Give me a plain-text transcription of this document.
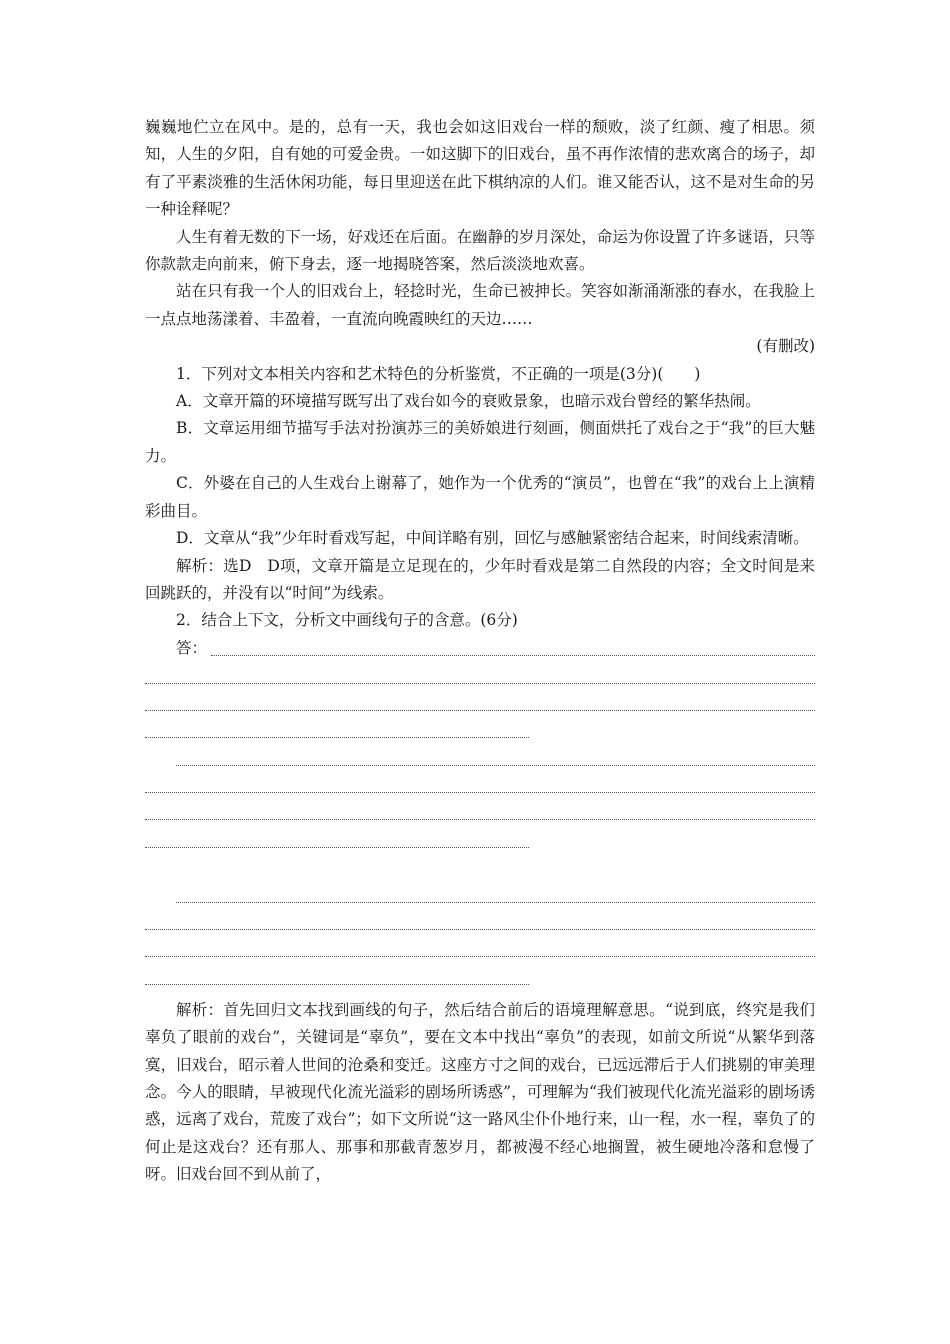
巍巍地伫立在风中。是的，总有一天，我也会如这旧戏台一样的颓败，淡了红颜、瘦了相思。须知，人生的夕阳，自有她的可爱金贵。一如这脚下的旧戏台，虽不再作浓情的悲欢离合的场子，却有了平素淡雅的生活休闲功能，每日里迎送在此下棋纳凉的人们。谁又能否认，这不是对生命的另一种诠释呢？

人生有着无数的下一场，好戏还在后面。在幽静的岁月深处，命运为你设置了许多谜语，只等你款款走向前来，俯下身去，逐一地揭晓答案，然后淡淡地欢喜。

站在只有我一个人的旧戏台上，轻捻时光，生命已被抻长。笑容如渐涌渐涨的春水，在我脸上一点点地荡漾着、丰盈着，一直流向晚霞映红的天边……

(有删改)

1．下列对文本相关内容和艺术特色的分析鉴赏，不正确的一项是(3分)(　　)

A．文章开篇的环境描写既写出了戏台如今的衰败景象，也暗示戏台曾经的繁华热闹。

B．文章运用细节描写手法对扮演苏三的美娇娘进行刻画，侧面烘托了戏台之于“我”的巨大魅力。

C．外婆在自己的人生戏台上谢幕了，她作为一个优秀的“演员”，也曾在“我”的戏台上上演精彩曲目。

D．文章从“我”少年时看戏写起，中间详略有别，回忆与感触紧密结合起来，时间线索清晰。

解析：选D　D项，文章开篇是立足现在的，少年时看戏是第二自然段的内容；全文时间是来回跳跃的，并没有以“时间”为线索。

2．结合上下文，分析文中画线句子的含意。(6分)

答：

解析：首先回归文本找到画线的句子，然后结合前后的语境理解意思。“说到底，终究是我们辜负了眼前的戏台”，关键词是“辜负”，要在文本中找出“辜负”的表现，如前文所说“从繁华到落寞，旧戏台，昭示着人世间的沧桑和变迁。这座方寸之间的戏台，已远远滞后于人们挑剔的审美理念。今人的眼睛，早被现代化流光溢彩的剧场所诱惑”，可理解为“我们被现代化流光溢彩的剧场诱惑，远离了戏台，荒废了戏台”；如下文所说“这一路风尘仆仆地行来，山一程，水一程，辜负了的何止是这戏台？还有那人、那事和那截青葱岁月，都被漫不经心地搁置，被生硬地冷落和怠慢了呀。旧戏台回不到从前了，
